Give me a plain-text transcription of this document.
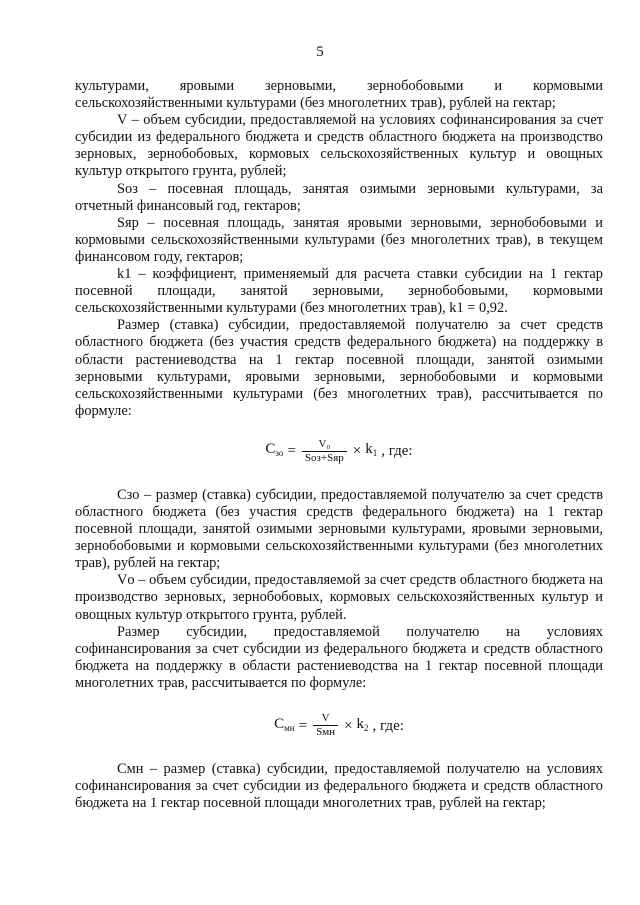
5

культурами, яровыми зерновыми, зернобобовыми и кормовыми сельскохозяйственными культурами (без многолетних трав), рублей на гектар;

V – объем субсидии, предоставляемой на условиях софинансирования за счет субсидии из федерального бюджета и средств областного бюджета на производство зерновых, зернобобовых, кормовых сельскохозяйственных культур и овощных культур открытого грунта, рублей;

Sоз – посевная площадь, занятая озимыми зерновыми культурами, за отчетный финансовый год, гектаров;

Sяр – посевная площадь, занятая яровыми зерновыми, зернобобовыми и кормовыми сельскохозяйственными культурами (без многолетних трав), в текущем финансовом году, гектаров;

k1 – коэффициент, применяемый для расчета ставки субсидии на 1 гектар посевной площади, занятой зерновыми, зернобобовыми, кормовыми сельскохозяйственными культурами (без многолетних трав), k1 = 0,92.

Размер (ставка) субсидии, предоставляемой получателю за счет средств областного бюджета (без участия средств федерального бюджета) на поддержку в области растениеводства на 1 гектар посевной площади, занятой озимыми зерновыми культурами, яровыми зерновыми, зернобобовыми и кормовыми сельскохозяйственными культурами (без многолетних трав), рассчитывается по формуле:

$С_{зо} = \frac{\text{V₀}}{\text{Sоз+Sяр}} \times k_1$ , где:

Сзо – размер (ставка) субсидии, предоставляемой получателю за счет средств областного бюджета (без участия средств федерального бюджета) на 1 гектар посевной площади, занятой озимыми зерновыми культурами, яровыми зерновыми, зернобобовыми и кормовыми сельскохозяйственными культурами (без многолетних трав), рублей на гектар;

Vо – объем субсидии, предоставляемой за счет средств областного бюджета на производство зерновых, зернобобовых, кормовых сельскохозяйственных культур и овощных культур открытого грунта, рублей.

Размер субсидии, предоставляемой получателю на условиях софинансирования за счет субсидии из федерального бюджета и средств областного бюджета на поддержку в области растениеводства на 1 гектар посевной площади многолетних трав, рассчитывается по формуле:

$С_{мн} = \frac{V}{\text{Sмн}} \times k_2$ , где:

Смн – размер (ставка) субсидии, предоставляемой получателю на условиях софинансирования за счет субсидии из федерального бюджета и средств областного бюджета на 1 гектар посевной площади многолетних трав, рублей на гектар;
